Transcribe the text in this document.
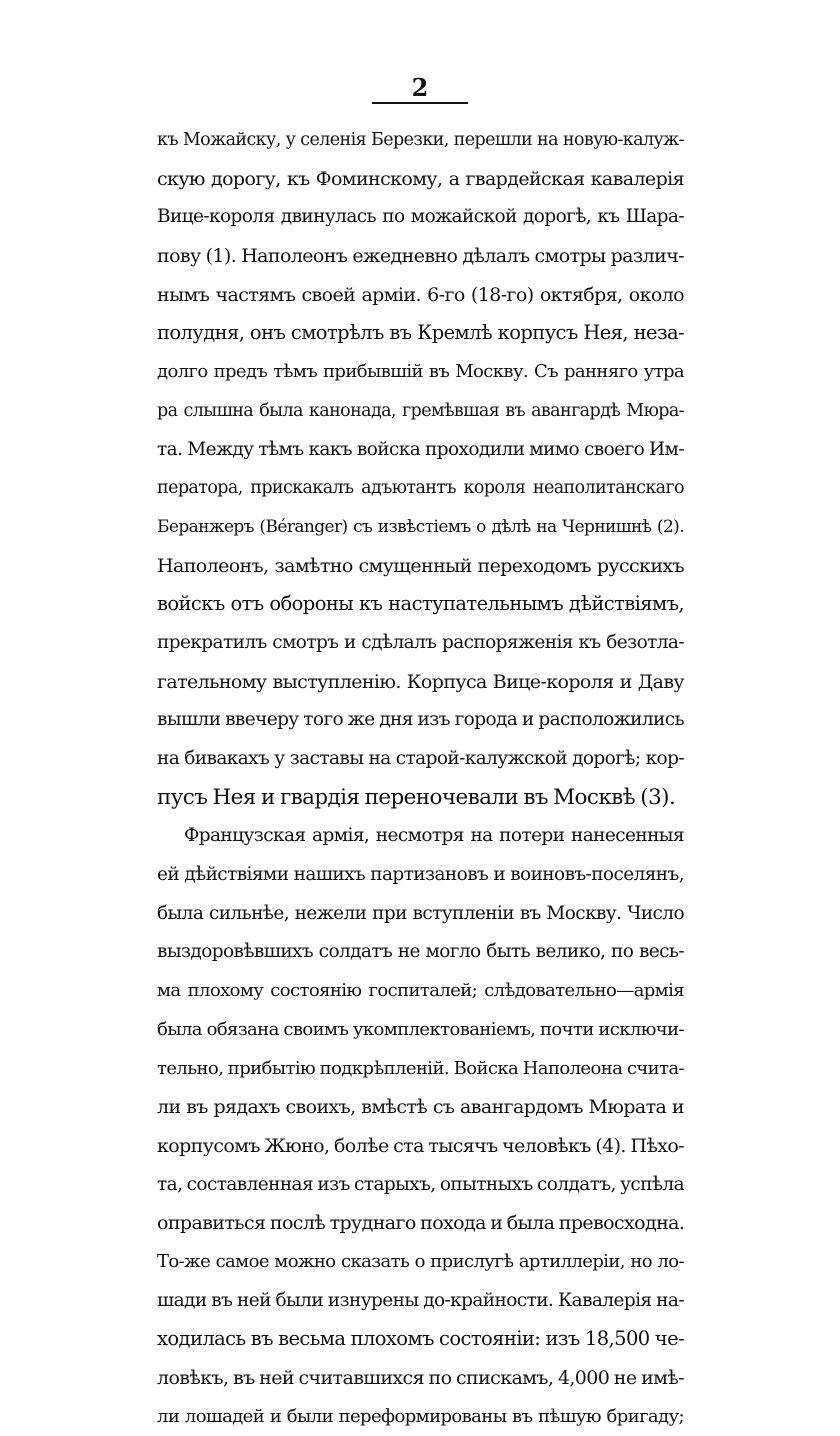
2
къ Можайску, у селенія Березки, перешли на новую-калуж-
скую дорогу, къ Фоминскому, а гвардейская кавалерія
Вице-короля двинулась по можайской дорогѣ, къ Шара-
пову (1). Наполеонъ ежедневно дѣлалъ смотры различ-
нымъ частямъ своей арміи. 6-го (18-го) октября, около
полудня, онъ смотрѣлъ въ Кремлѣ корпусъ Нея, неза-
долго предъ тѣмъ прибывшій въ Москву. Съ ранняго утра
ра слышна была канонада, гремѣвшая въ авангардѣ Мюра-
та. Между тѣмъ какъ войска проходили мимо своего Им-
ператора, прискакалъ адъютантъ короля неаполитанскаго
Беранжеръ (Béranger) съ извѣстіемъ о дѣлѣ на Чернишнѣ (2).
Наполеонъ, замѣтно смущенный переходомъ русскихъ
войскъ отъ обороны къ наступательнымъ дѣйствіямъ,
прекратилъ смотръ и сдѣлалъ распоряженія къ безотла-
гательному выступленію. Корпуса Вице-короля и Даву
вышли ввечеру того же дня изъ города и расположились
на бивакахъ у заставы на старой-калужской дорогѣ; кор-
пусъ Нея и гвардія переночевали въ Москвѣ (3).
Французская армія, несмотря на потери нанесенныя
ей дѣйствіями нашихъ партизановъ и воиновъ-поселянъ,
была сильнѣе, нежели при вступленіи въ Москву. Число
выздоровѣвшихъ солдатъ не могло быть велико, по весь-
ма плохому состоянію госпиталей; слѣдовательно—армія
была обязана своимъ укомплектованіемъ, почти исключи-
тельно, прибытію подкрѣпленій. Войска Наполеона счита-
ли въ рядахъ своихъ, вмѣстѣ съ авангардомъ Мюрата и
корпусомъ Жюно, болѣе ста тысячъ человѣкъ (4). Пѣхо-
та, составленная изъ старыхъ, опытныхъ солдатъ, успѣла
оправиться послѣ труднаго похода и была превосходна.
То-же самое можно сказать о прислугѣ артиллеріи, но ло-
шади въ ней были изнурены до-крайности. Кавалерія на-
ходилась въ весьма плохомъ состояніи: изъ 18,500 че-
ловѣкъ, въ ней считавшихся по спискамъ, 4,000 не имѣ-
ли лошадей и были переформированы въ пѣшую бригаду;
